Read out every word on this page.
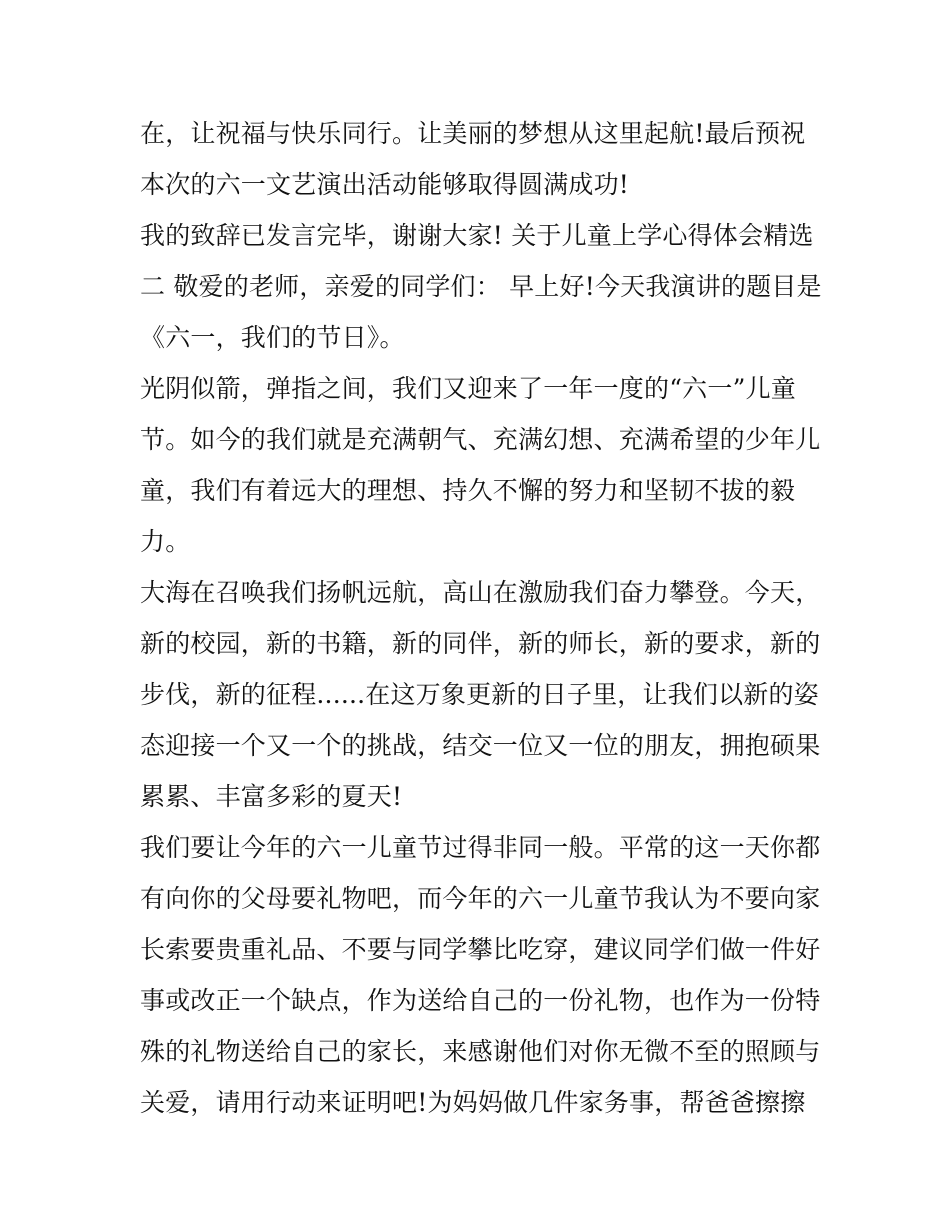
在，让祝福与快乐同行。让美丽的梦想从这里起航!最后预祝
本次的六一文艺演出活动能够取得圆满成功!
我的致辞已发言完毕，谢谢大家! 关于儿童上学心得体会精选
二 敬爱的老师，亲爱的同学们： 早上好!今天我演讲的题目是
《六一，我们的节日》。
光阴似箭，弹指之间，我们又迎来了一年一度的“六一”儿童
节。如今的我们就是充满朝气、充满幻想、充满希望的少年儿
童，我们有着远大的理想、持久不懈的努力和坚韧不拔的毅
力。
大海在召唤我们扬帆远航，高山在激励我们奋力攀登。今天，
新的校园，新的书籍，新的同伴，新的师长，新的要求，新的
步伐，新的征程......在这万象更新的日子里，让我们以新的姿
态迎接一个又一个的挑战，结交一位又一位的朋友，拥抱硕果
累累、丰富多彩的夏天!
我们要让今年的六一儿童节过得非同一般。平常的这一天你都
有向你的父母要礼物吧，而今年的六一儿童节我认为不要向家
长索要贵重礼品、不要与同学攀比吃穿，建议同学们做一件好
事或改正一个缺点，作为送给自己的一份礼物，也作为一份特
殊的礼物送给自己的家长，来感谢他们对你无微不至的照顾与
关爱，请用行动来证明吧!为妈妈做几件家务事，帮爸爸擦擦
